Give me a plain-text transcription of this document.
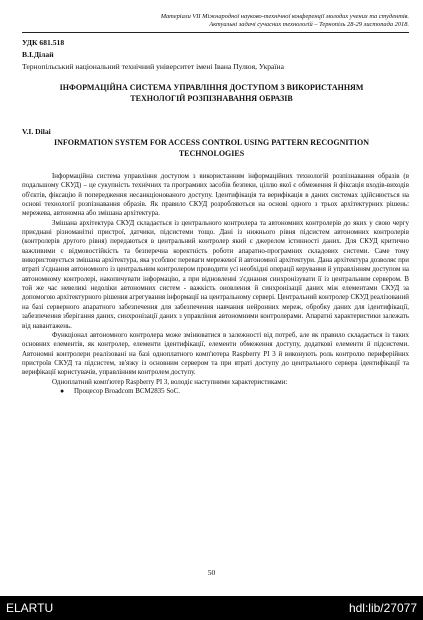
Матеріали VII Міжнародної науково-технічної конференції молодих учених та студентів.
Актуальні задачі сучасних технологій – Тернопіль 28-29 листопада 2018.
УДК 681.518
В.І.Ділай
Тернопільський національний технічний університет імені Івана Пулюя, Україна
ІНФОРМАЦІЙНА СИСТЕМА УПРАВЛІННЯ ДОСТУПОМ З ВИКОРИСТАННЯМ ТЕХНОЛОГІЙ РОЗПІЗНАВАННЯ ОБРАЗІВ
V.I. Dilai
INFORMATION SYSTEM FOR ACCESS CONTROL USING PATTERN RECOGNITION TECHNOLOGIES

Інформаційна система управління доступом з використанням інформаційних технологій розпізнавання образів (в подальшому СКУД) – це сукупність технічних та програмних засобів безпеки, ціллю якої є обмеження й фіксація входів-виходів об'єктів, фіксацію й попередження несанкціонованого доступу. Ідентифікація та верифікація в даних системах здійснюється на основі технології розпізнавання образів. Як правило СКУД розробляються на основі одного з трьох архітектурних рішень: мережева, автономна або змішана архітектура.

Змішана архітектура СКУД складається із центрального контролера та автономних контролерів до яких у свою чергу приєднані різноманітні пристрої, датчики, підсистеми тощо. Дані із нижнього рівня підсистем автономних контролерів (контролерів другого рівня) передаються в центральний контролер який є джерелом істинності даних. Для СКУД критично важливими є відмовостійкість та безперечна коректність роботи апаратно-програмних складових системи. Саме тому використовується змішана архітектура, яка усоблює переваги мережевої й автономної архітектури. Дана архітектура дозволяє при втраті з'єднання автономного із центральним контролером проводити усі необхідні операції керування й управлінням доступом на автономному контролері, накопичувати інформацію, а при відновленні з'єднання синхронізувати її із центральним сервером. В той же час невеликі недоліки автономних систем - важкість оновлення й синхронізації даних між елементами СКУД за допомогою архітектурного рішення агрегування інформації на центральному сервері. Центральний контролер СКУД реалізований на базі серверного апаратного забезпечення для забезпечення навчання нейронних мереж, обробку даних для ідентифікації, забезпечення зберігання даних, синхронізації даних з управління автономними контролерами. Апаратні характеристики залежать від навантажень.

Функціонал автономного контролера може змінюватися в залежності від потреб, але як правило складається із таких основних елементів, як контролер, елементи ідентифікації, елементи обмеження доступу, додаткові елементи й підсистеми. Автономні контролери реалізовані на базі одноплатного комп'ютера Raspberry PI 3 й виконують роль контролю периферійних пристроїв СКУД та підсистем, зв'язку із основним сервером та при втраті доступу до центрального сервера ідентифікації та верифікації користувачів, управлінням контролем доступу.

Одноплатний комп'ютер Raspberry PI 3, володіє наступними характеристиками:

● Процесор Broadcom BCM2835 SoC.
50
ELARTU	hdl:lib/27077
